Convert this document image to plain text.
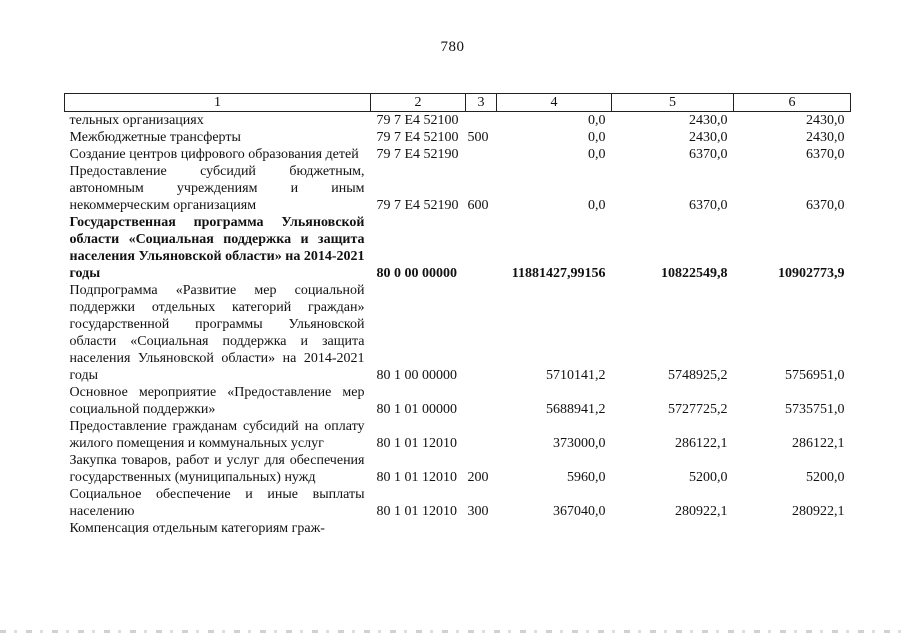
780
1	2	3	4	5	6
тельных организациях	79 7 E4 52100		0,0	2430,0	2430,0
Межбюджетные трансферты	79 7 E4 52100	500	0,0	2430,0	2430,0
Создание центров цифрового образования детей	79 7 E4 52190		0,0	6370,0	6370,0
Предоставление субсидий бюджетным, автономным учреждениям и иным некоммерческим организациям	79 7 E4 52190	600	0,0	6370,0	6370,0
Государственная программа Ульяновской области «Социальная поддержка и защита населения Ульяновской области» на 2014-2021 годы	80 0 00 00000		11881427,99156	10822549,8	10902773,9
Подпрограмма «Развитие мер социальной поддержки отдельных категорий граждан» государственной программы Ульяновской области «Социальная поддержка и защита населения Ульяновской области» на 2014-2021 годы	80 1 00 00000		5710141,2	5748925,2	5756951,0
Основное мероприятие «Предоставление мер социальной поддержки»	80 1 01 00000		5688941,2	5727725,2	5735751,0
Предоставление гражданам субсидий на оплату жилого помещения и коммунальных услуг	80 1 01 12010		373000,0	286122,1	286122,1
Закупка товаров, работ и услуг для обеспечения государственных (муниципальных) нужд	80 1 01 12010	200	5960,0	5200,0	5200,0
Социальное обеспечение и иные выплаты населению	80 1 01 12010	300	367040,0	280922,1	280922,1
Компенсация отдельным категориям граж-					
